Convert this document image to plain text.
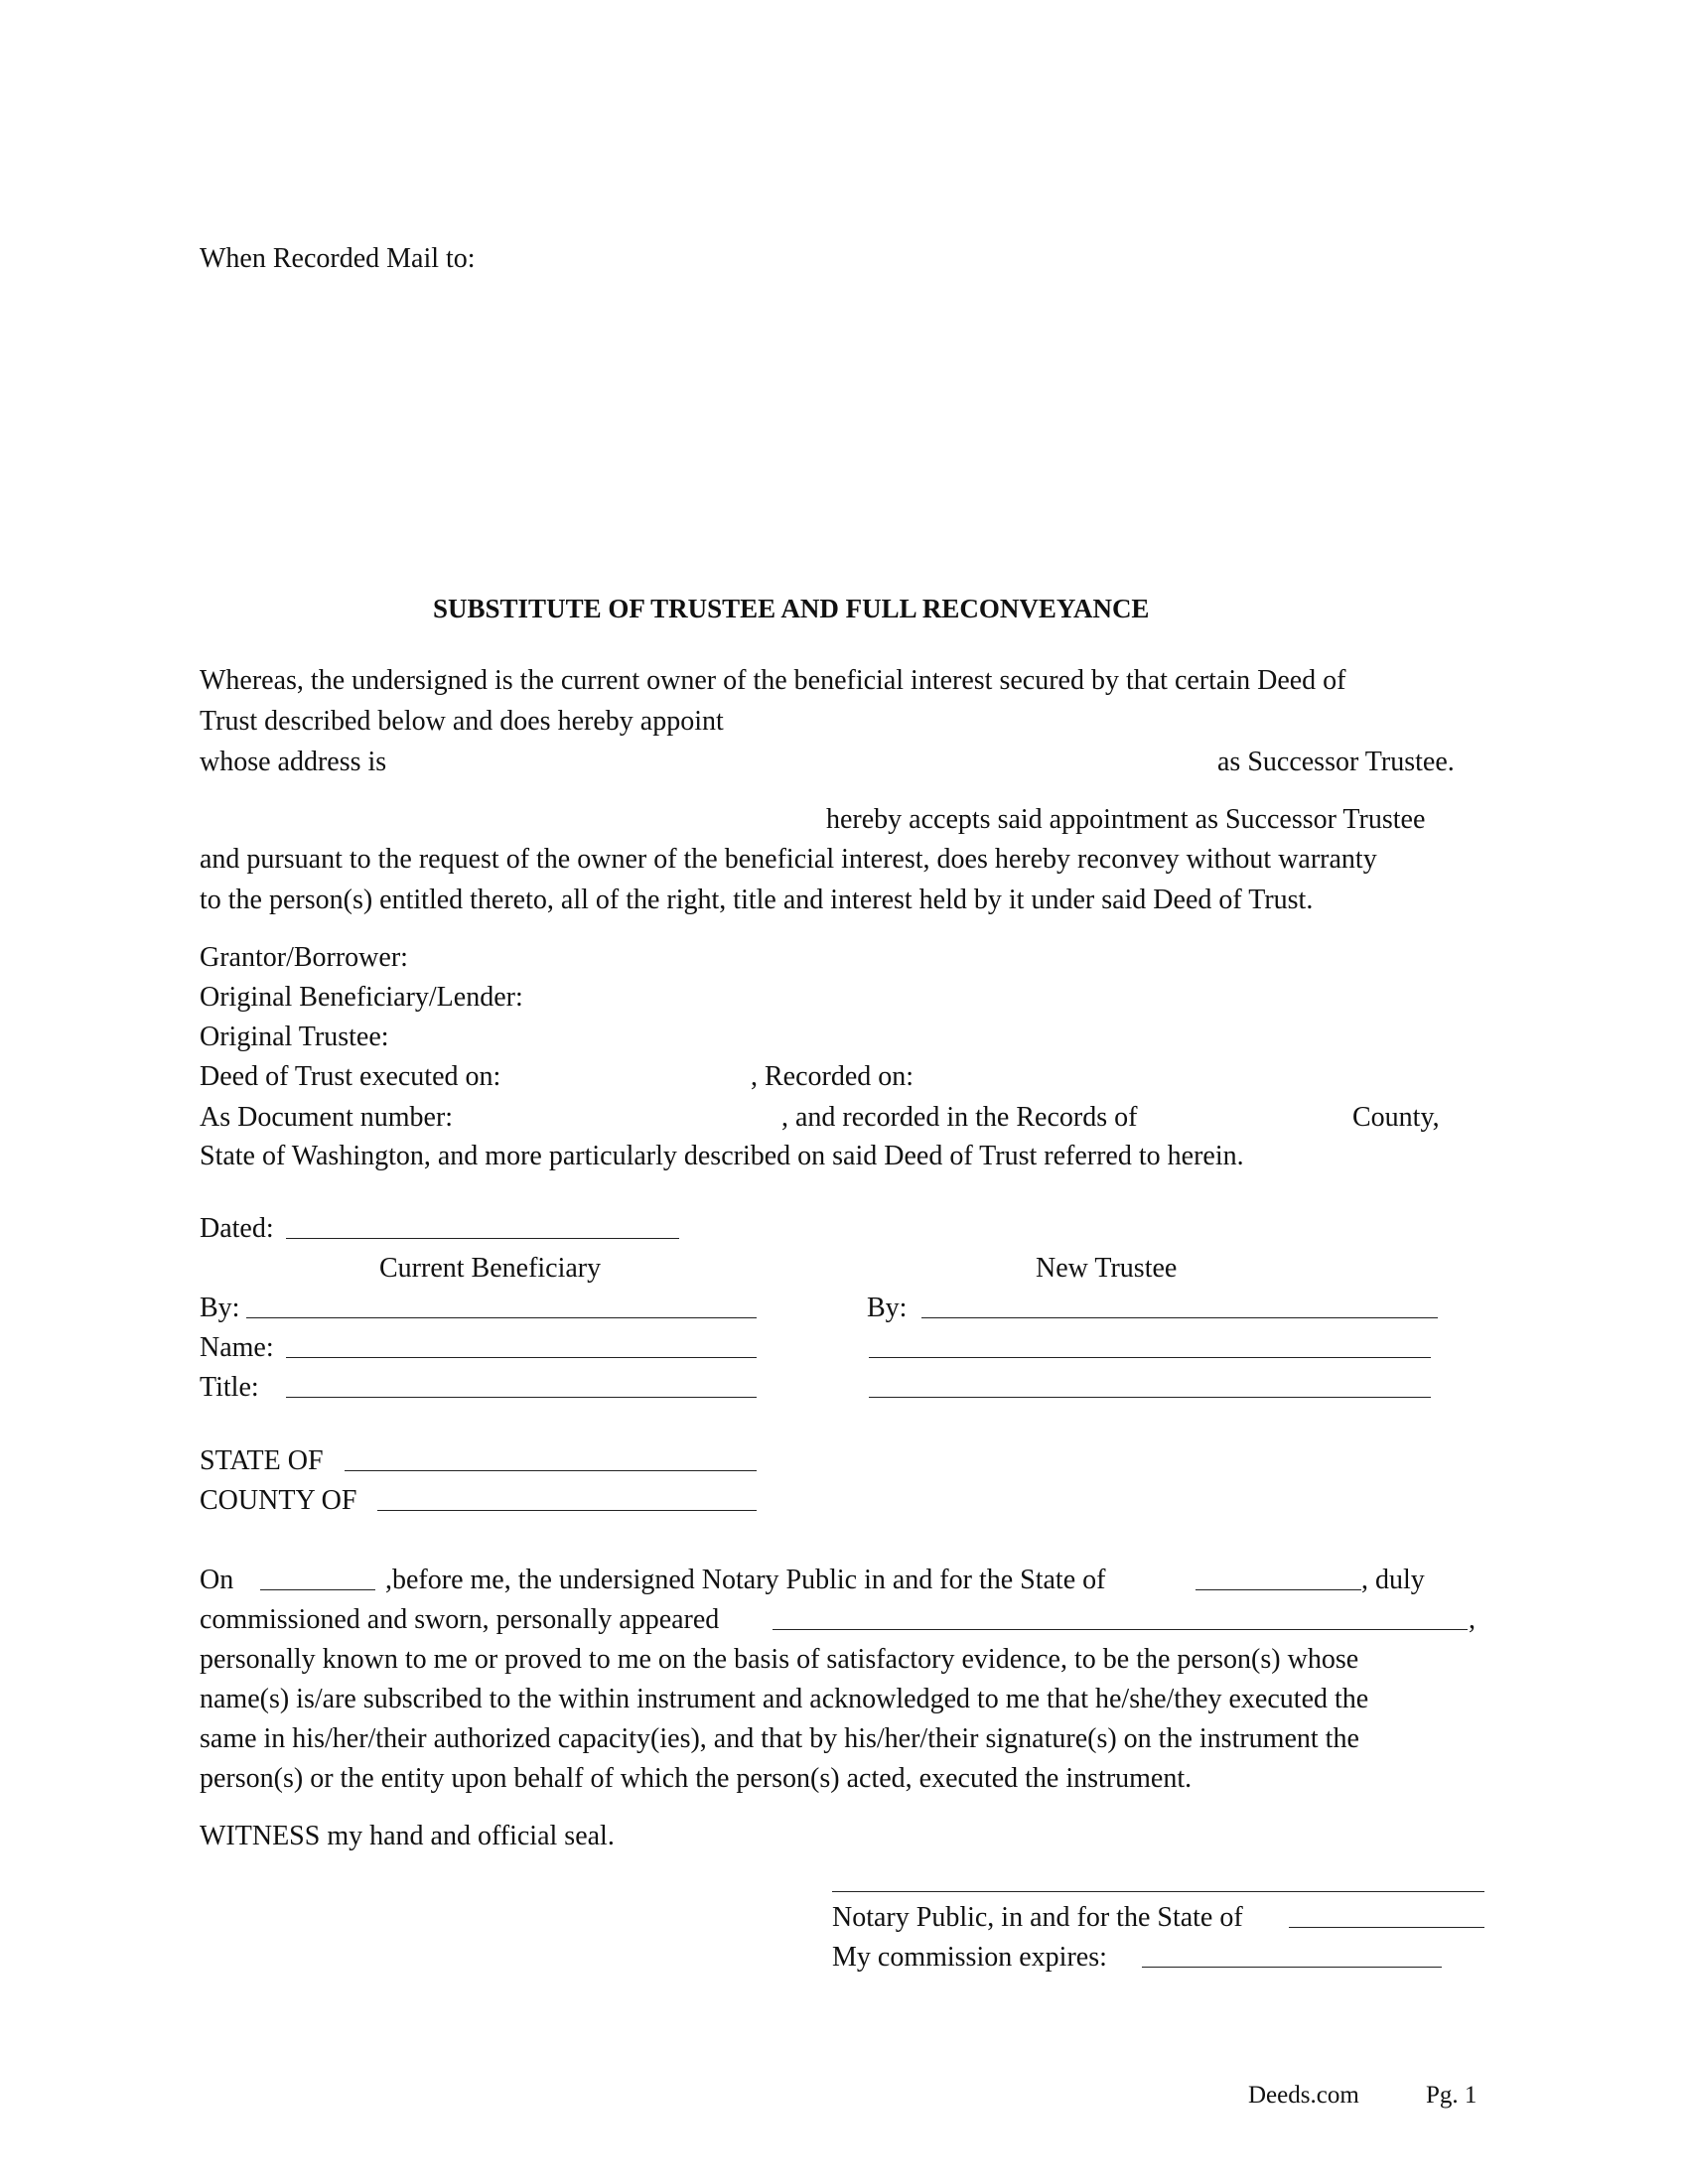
When Recorded Mail to:
SUBSTITUTE OF TRUSTEE AND FULL RECONVEYANCE
Whereas, the undersigned is the current owner of the beneficial interest secured by that certain Deed of
Trust described below and does hereby appoint
whose address is	as Successor Trustee.
hereby accepts said appointment as Successor Trustee
and pursuant to the request of the owner of the beneficial interest, does hereby reconvey without warranty
to the person(s) entitled thereto, all of the right, title and interest held by it under said Deed of Trust.
Grantor/Borrower:
Original Beneficiary/Lender:
Original Trustee:
Deed of Trust executed on:	, Recorded on:
As Document number:	, and recorded in the Records of	County,
State of Washington, and more particularly described on said Deed of Trust referred to herein.
Dated:
Current Beneficiary	New Trustee
By:	By:
Name:
Title:
STATE OF
COUNTY OF
On	,before me, the undersigned Notary Public in and for the State of	, duly
commissioned and sworn, personally appeared	,
personally known to me or proved to me on the basis of satisfactory evidence, to be the person(s) whose
name(s) is/are subscribed to the within instrument and acknowledged to me that he/she/they executed the
same in his/her/their authorized capacity(ies), and that by his/her/their signature(s) on the instrument the
person(s) or the entity upon behalf of which the person(s) acted, executed the instrument.
WITNESS my hand and official seal.
Notary Public, in and for the State of
My commission expires:
Deeds.com	Pg. 1
